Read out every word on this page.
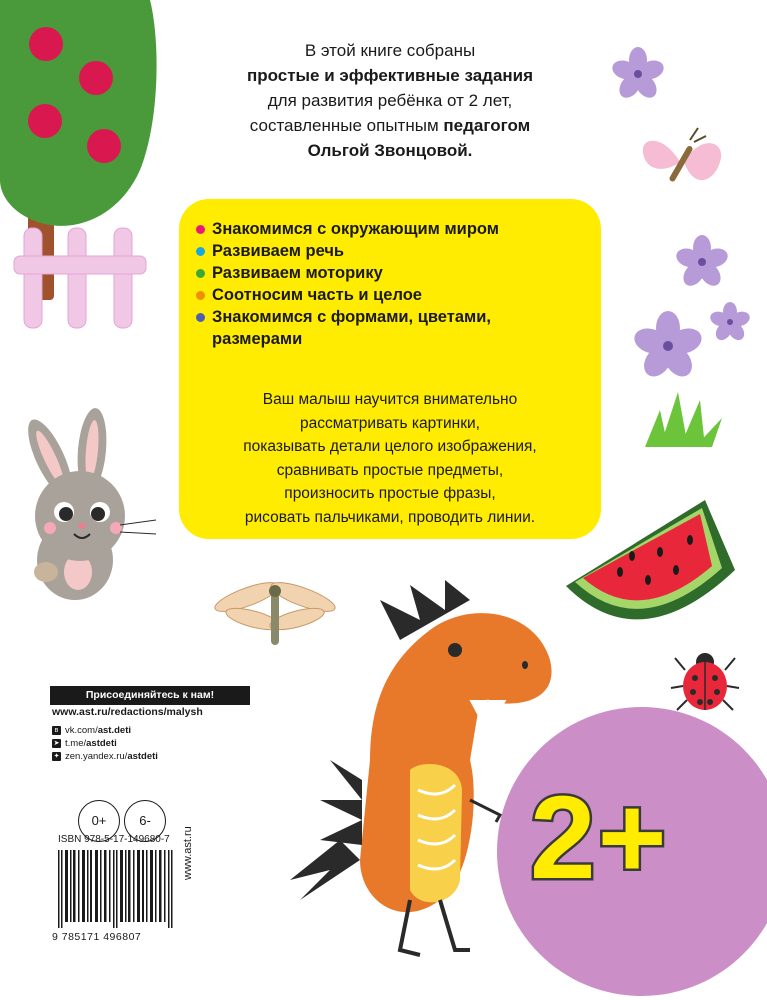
В этой книге собраны
простые и эффективные задания
для развития ребёнка от 2 лет,
составленные опытным педагогом
Ольгой Звонцовой.
Знакомимся с окружающим миром
Развиваем речь
Развиваем моторику
Соотносим часть и целое
Знакомимся с формами, цветами, размерами
Ваш малыш научится внимательно
рассматривать картинки,
показывать детали целого изображения,
сравнивать простые предметы,
произносить простые фразы,
рисовать пальчиками, проводить линии.
Присоединяйтесь к нам!
www.ast.ru/redactions/malysh
в vk.com/ ast.deti
➤ t.me/ astdeti
✦ zen.yandex.ru/ astdeti
0+	6-
ISBN 978-5-17-149680-7
9 785171 496807
www.ast.ru	2+
